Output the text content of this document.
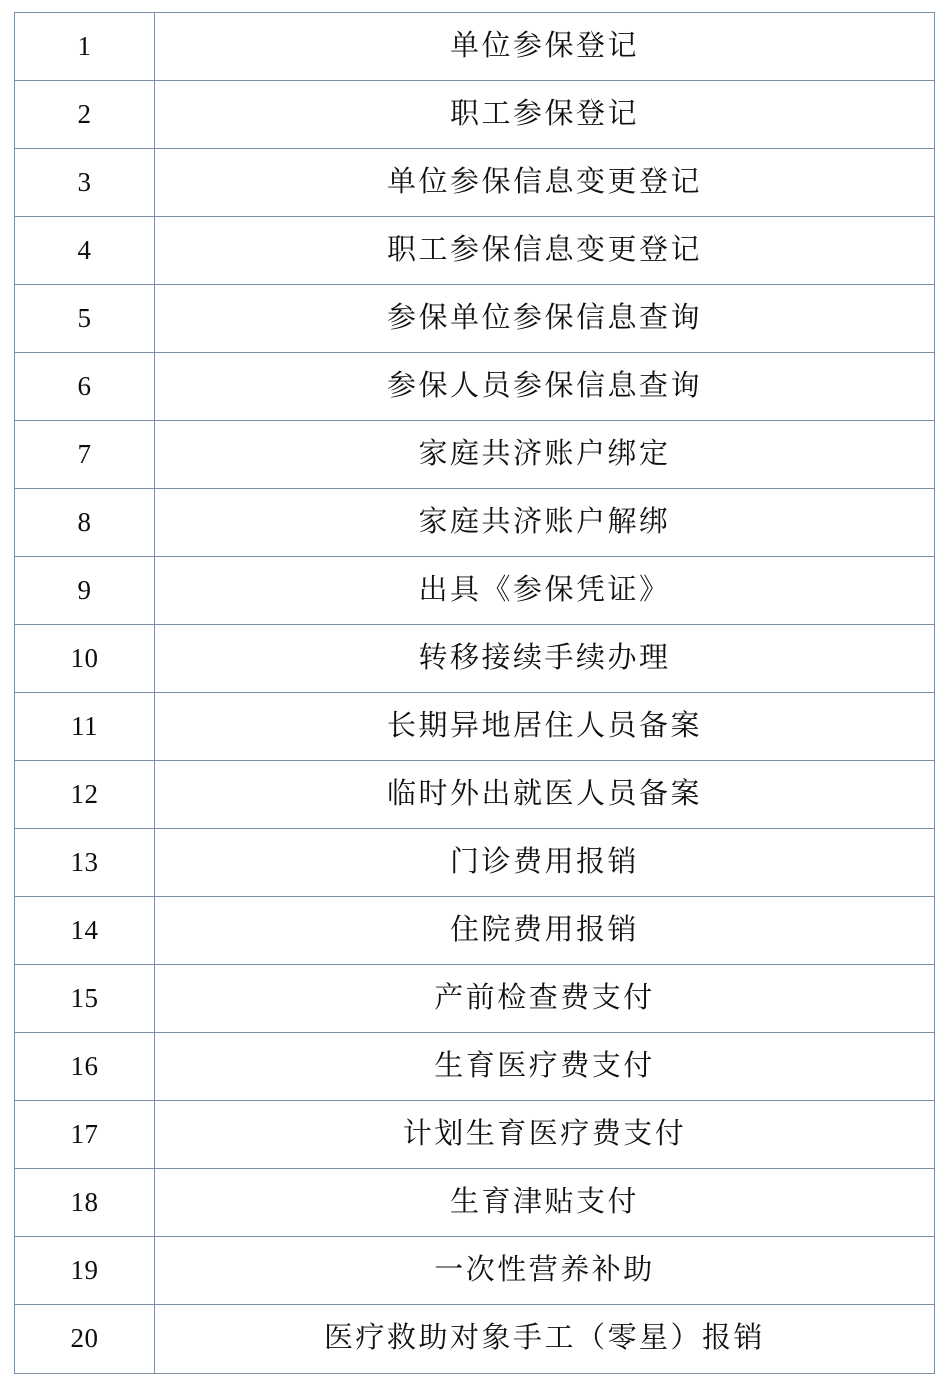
1	单位参保登记
2	职工参保登记
3	单位参保信息变更登记
4	职工参保信息变更登记
5	参保单位参保信息查询
6	参保人员参保信息查询
7	家庭共济账户绑定
8	家庭共济账户解绑
9	出具《参保凭证》
10	转移接续手续办理
11	长期异地居住人员备案
12	临时外出就医人员备案
13	门诊费用报销
14	住院费用报销
15	产前检查费支付
16	生育医疗费支付
17	计划生育医疗费支付
18	生育津贴支付
19	一次性营养补助
20	医疗救助对象手工（零星）报销
